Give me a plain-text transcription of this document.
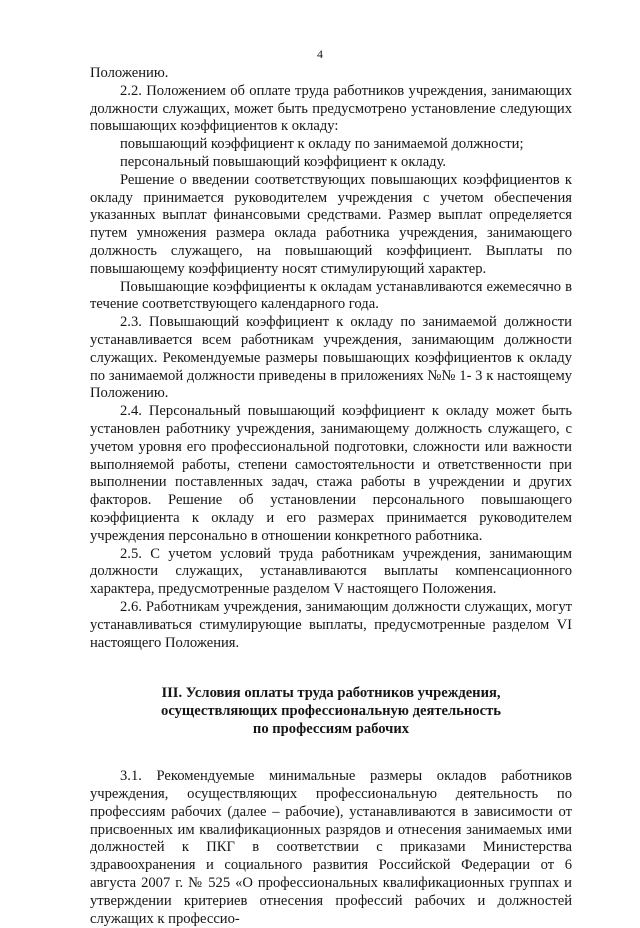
4

Положению.

2.2. Положением об оплате труда работников учреждения, занимающих должности служащих, может быть предусмотрено установление следующих повышающих коэффициентов к окладу:

повышающий коэффициент к окладу по занимаемой должности;

персональный повышающий коэффициент к окладу.

Решение о введении соответствующих повышающих коэффициентов к окладу принимается руководителем учреждения с учетом обеспечения указанных выплат финансовыми средствами. Размер выплат определяется путем умножения размера оклада работника учреждения, занимающего должность служащего, на повышающий коэффициент. Выплаты по повышающему коэффициенту носят стимулирующий характер.

Повышающие коэффициенты к окладам устанавливаются ежемесячно в течение соответствующего календарного года.

2.3. Повышающий коэффициент к окладу по занимаемой должности устанавливается всем работникам учреждения, занимающим должности служащих. Рекомендуемые размеры повышающих коэффициентов к окладу по занимаемой должности приведены в приложениях №№ 1- 3 к настоящему Положению.

2.4. Персональный повышающий коэффициент к окладу может быть установлен работнику учреждения, занимающему должность служащего, с учетом уровня его профессиональной подготовки, сложности или важности выполняемой работы, степени самостоятельности и ответственности при выполнении поставленных задач, стажа работы в учреждении и других факторов. Решение об установлении персонального повышающего коэффициента к окладу и его размерах принимается руководителем учреждения персонально в отношении конкретного работника.

2.5. С учетом условий труда работникам учреждения, занимающим должности служащих, устанавливаются выплаты компенсационного характера, предусмотренные разделом V настоящего Положения.

2.6. Работникам учреждения, занимающим должности служащих, могут устанавливаться стимулирующие выплаты, предусмотренные разделом VI настоящего Положения.

III. Условия оплаты труда работников учреждения,
осуществляющих профессиональную деятельность
по профессиям рабочих

3.1. Рекомендуемые минимальные размеры окладов работников учреждения, осуществляющих профессиональную деятельность по профессиям рабочих (далее – рабочие), устанавливаются в зависимости от присвоенных им квалификационных разрядов и отнесения занимаемых ими должностей к ПКГ в соответствии с приказами Министерства здравоохранения и социального развития Российской Федерации от 6 августа 2007 г. № 525 «О профессиональных квалификационных группах и утверждении критериев отнесения профессий рабочих и должностей служащих к профессио-
